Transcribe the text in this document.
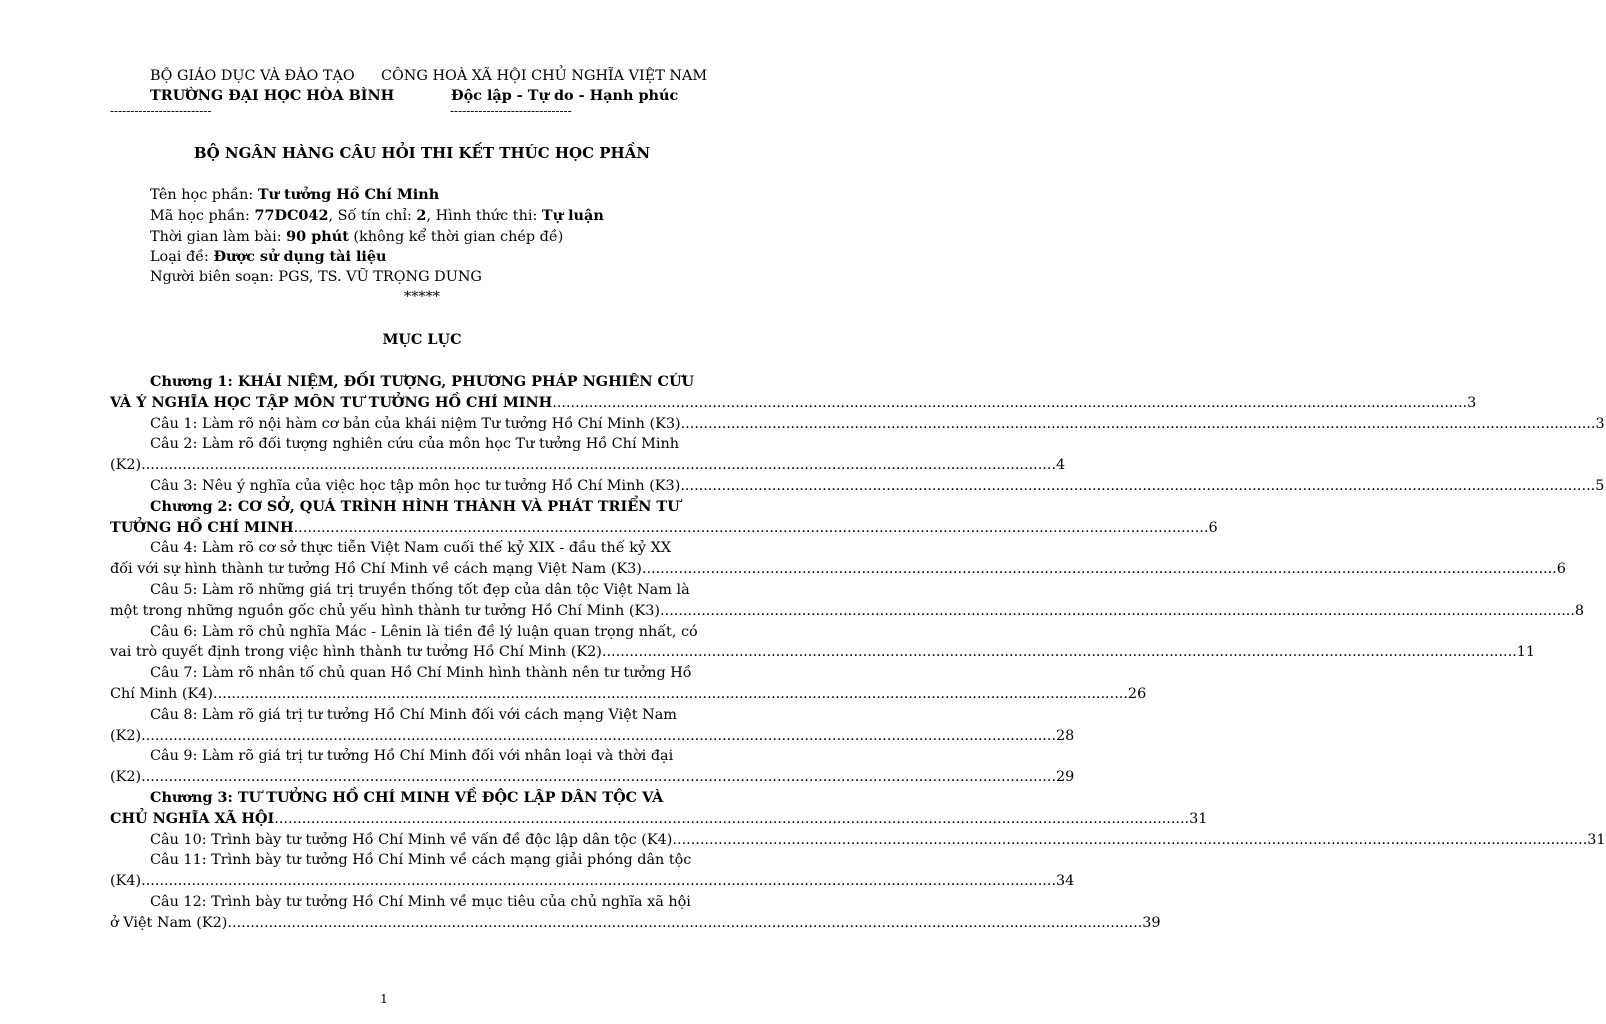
BỘ GIÁO DỤC VÀ ĐÀO TẠO
TRƯỜNG ĐẠI HỌC HÒA BÌNH
-------------------------
CÔNG HOÀ XÃ HỘI CHỦ NGHĨA VIỆT NAM
Độc lập - Tự do - Hạnh phúc
------------------------------
BỘ NGÂN HÀNG CÂU HỎI THI KẾT THÚC HỌC PHẦN
Tên học phần: Tư tưởng Hồ Chí Minh
Mã học phần: 77DC042, Số tín chỉ: 2, Hình thức thi: Tự luận
Thời gian làm bài: 90 phút (không kể thời gian chép đề)
Loại đề: Được sử dụng tài liệu
Người biên soạn: PGS, TS. VŨ TRỌNG DUNG
*****
MỤC LỤC
Chương 1: KHÁI NIỆM, ĐỐI TƯỢNG, PHƯƠNG PHÁP NGHIÊN CỨU
VÀ Ý NGHĨA HỌC TẬP MÔN TƯ TƯỞNG HỒ CHÍ MINH .....	3
Câu 1: Làm rõ nội hàm cơ bản của khái niệm Tư tưởng Hồ Chí Minh (K3) .....	3
Câu 2: Làm rõ đối tượng nghiên cứu của môn học Tư tưởng Hồ Chí Minh
(K2) .....	4
Câu 3: Nêu ý nghĩa của việc học tập môn học tư tưởng Hồ Chí Minh (K3) .....	5
Chương 2: CƠ SỞ, QUÁ TRÌNH HÌNH THÀNH VÀ PHÁT TRIỂN TƯ
TƯỞNG HỒ CHÍ MINH .....	6
Câu 4: Làm rõ cơ sở thực tiễn Việt Nam cuối thế kỷ XIX - đầu thế kỷ XX
đối với sự hình thành tư tưởng Hồ Chí Minh về cách mạng Việt Nam (K3) .....	6
Câu 5: Làm rõ những giá trị truyền thống tốt đẹp của dân tộc Việt Nam là
một trong những nguồn gốc chủ yếu hình thành tư tưởng Hồ Chí Minh (K3) .....	8
Câu 6: Làm rõ chủ nghĩa Mác - Lênin là tiền đề lý luận quan trọng nhất, có
vai trò quyết định trong việc hình thành tư tưởng Hồ Chí Minh (K2) .....	11
Câu 7: Làm rõ nhân tố chủ quan Hồ Chí Minh hình thành nên tư tưởng Hồ
Chí Minh (K4) .....	26
Câu 8: Làm rõ giá trị tư tưởng Hồ Chí Minh đối với cách mạng Việt Nam
(K2) .....	28
Câu 9: Làm rõ giá trị tư tưởng Hồ Chí Minh đối với nhân loại và thời đại
(K2) .....	29
Chương 3: TƯ TƯỞNG HỒ CHÍ MINH VỀ ĐỘC LẬP DÂN TỘC VÀ
CHỦ NGHĨA XÃ HỘI .....	31
Câu 10: Trình bày tư tưởng Hồ Chí Minh về vấn đề độc lập dân tộc (K4) .....	31
Câu 11: Trình bày tư tưởng Hồ Chí Minh về cách mạng giải phóng dân tộc
(K4) .....	34
Câu 12: Trình bày tư tưởng Hồ Chí Minh về mục tiêu của chủ nghĩa xã hội
ở Việt Nam (K2) .....	39
1
